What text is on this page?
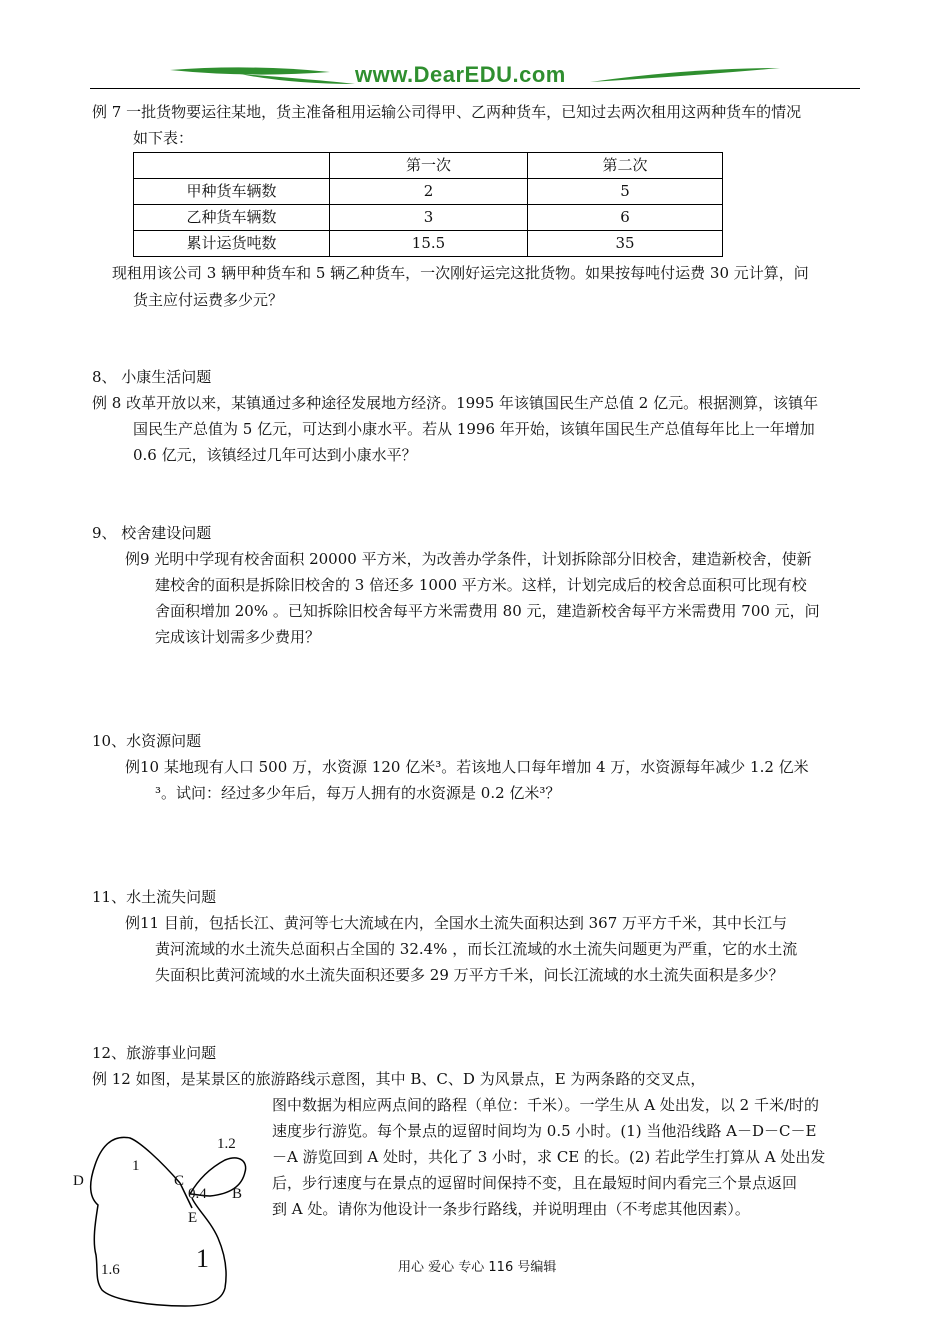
www.DearEDU.com
例 7 一批货物要运往某地，货主准备租用运输公司得甲、乙两种货车，已知过去两次租用这两种货车的情况
如下表：
	第一次	第二次
甲种货车辆数	2	5
乙种货车辆数	3	6
累计运货吨数	15.5	35
现租用该公司 3 辆甲种货车和 5 辆乙种货车，一次刚好运完这批货物。如果按每吨付运费 30 元计算，问
货主应付运费多少元？
8、 小康生活问题
例 8 改革开放以来，某镇通过多种途径发展地方经济。1995 年该镇国民生产总值 2 亿元。根据测算，该镇年
国民生产总值为 5 亿元，可达到小康水平。若从 1996 年开始，该镇年国民生产总值每年比上一年增加
0.6 亿元，该镇经过几年可达到小康水平？
9、 校舍建设问题
例9 光明中学现有校舍面积 20000 平方米，为改善办学条件，计划拆除部分旧校舍，建造新校舍，使新
建校舍的面积是拆除旧校舍的 3 倍还多 1000 平方米。这样，计划完成后的校舍总面积可比现有校
舍面积增加 20% 。已知拆除旧校舍每平方米需费用 80 元，建造新校舍每平方米需费用 700 元，问
完成该计划需多少费用？
10、水资源问题
例10 某地现有人口 500 万，水资源 120 亿米³。若该地人口每年增加 4 万，水资源每年减少 1.2 亿米
³。试问：经过多少年后，每万人拥有的水资源是 0.2 亿米³？
11、水土流失问题
例11 目前，包括长江、黄河等七大流域在内，全国水土流失面积达到 367 万平方千米，其中长江与
黄河流域的水土流失总面积占全国的 32.4% ，而长江流域的水土流失问题更为严重，它的水土流
失面积比黄河流域的水土流失面积还要多 29 万平方千米，问长江流域的水土流失面积是多少？
12、旅游事业问题
例 12 如图，是某景区的旅游路线示意图，其中 B、C、D 为风景点，E 为两条路的交叉点，
图中数据为相应两点间的路程（单位：千米）。一学生从 A 处出发，以 2 千米/时的
速度步行游览。每个景点的逗留时间均为 0.5 小时。(1) 当他沿线路 A－D－C－E
－A 游览回到 A 处时，共化了 3 小时，求 CE 的长。(2) 若此学生打算从 A 处出发
后，步行速度与在景点的逗留时间保持不变，且在最短时间内看完三个景点返回
到 A 处。请你为他设计一条步行路线，并说明理由（不考虑其他因素）。
D	C
B
E
1.2
1
0.4
1.6	1	用心 爱心 专心 116 号编辑
